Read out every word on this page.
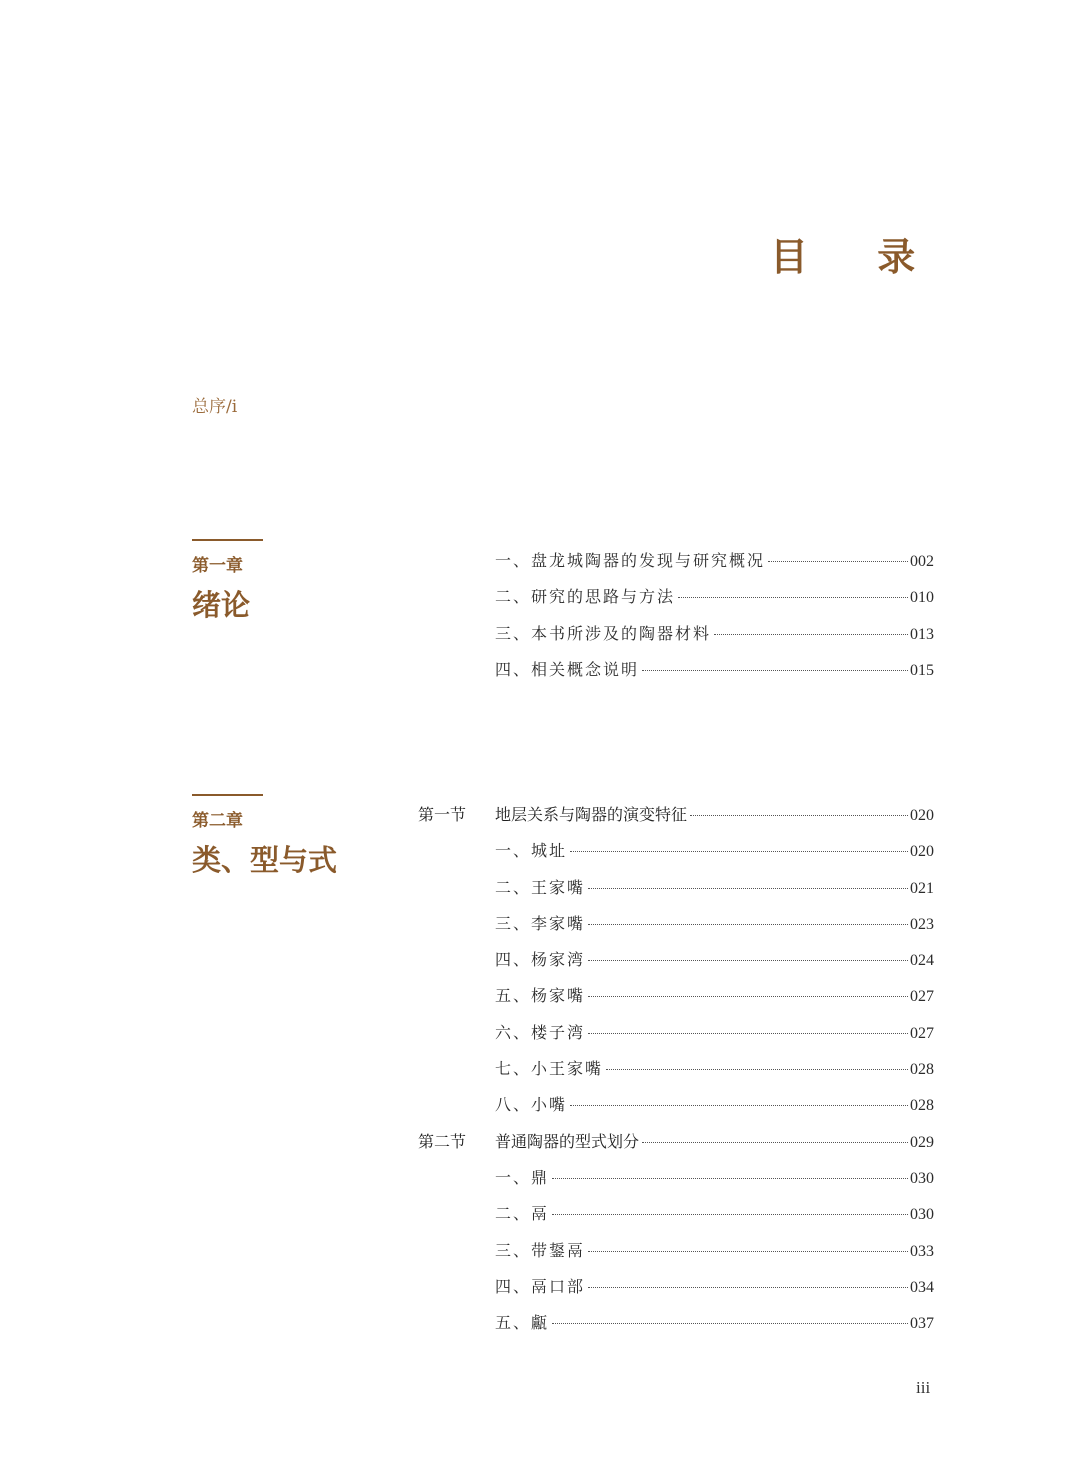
目 录
总序/i
第一章
绪论
一、盘龙城陶器的发现与研究概况	002
二、研究的思路与方法	010
三、本书所涉及的陶器材料	013
四、相关概念说明	015
第二章
类、型与式
第一节	地层关系与陶器的演变特征	020
一、城址	020
二、王家嘴	021
三、李家嘴	023
四、杨家湾	024
五、杨家嘴	027
六、楼子湾	027
七、小王家嘴	028
八、小嘴	028
第二节	普通陶器的型式划分	029
一、鼎	030
二、鬲	030
三、带鋬鬲	033
四、鬲口部	034
五、甗	037
iii
